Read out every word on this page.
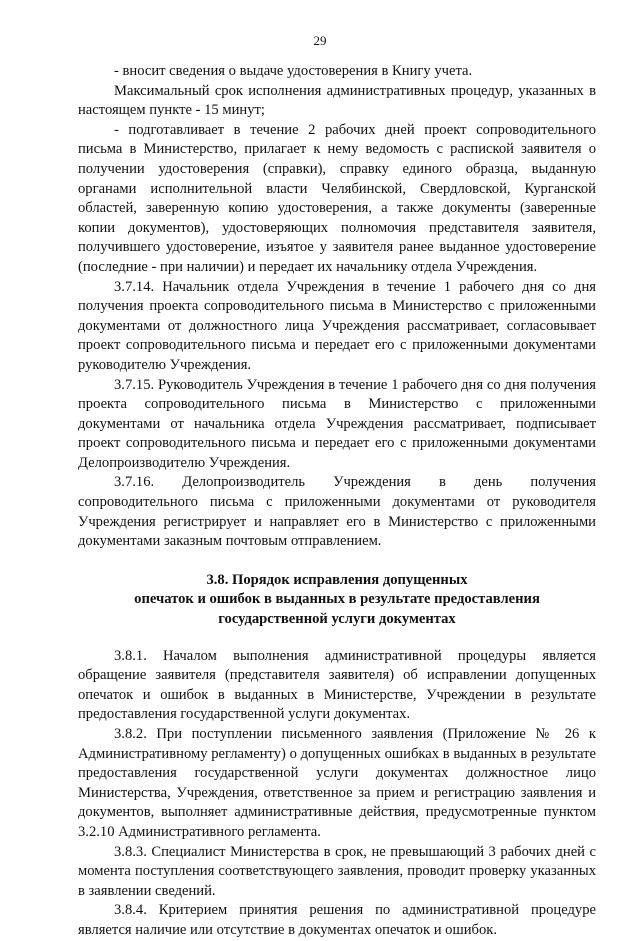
29

- вносит сведения о выдаче удостоверения в Книгу учета.

Максимальный срок исполнения административных процедур, указанных в настоящем пункте - 15 минут;

- подготавливает в течение 2 рабочих дней проект сопроводительного письма в Министерство, прилагает к нему ведомость с распиской заявителя о получении удостоверения (справки), справку единого образца, выданную органами исполнительной власти Челябинской, Свердловской, Курганской областей, заверенную копию удостоверения, а также документы (заверенные копии документов), удостоверяющих полномочия представителя заявителя, получившего удостоверение, изъятое у заявителя ранее выданное удостоверение (последние - при наличии) и передает их начальнику отдела Учреждения.

3.7.14. Начальник отдела Учреждения в течение 1 рабочего дня со дня получения проекта сопроводительного письма в Министерство с приложенными документами от должностного лица Учреждения рассматривает, согласовывает проект сопроводительного письма и передает его с приложенными документами руководителю Учреждения.

3.7.15. Руководитель Учреждения в течение 1 рабочего дня со дня получения проекта сопроводительного письма в Министерство с приложенными документами от начальника отдела Учреждения рассматривает, подписывает проект сопроводительного письма и передает его с приложенными документами Делопроизводителю Учреждения.

3.7.16. Делопроизводитель Учреждения в день получения сопроводительного письма с приложенными документами от руководителя Учреждения регистрирует и направляет его в Министерство с приложенными документами заказным почтовым отправлением.

3.8. Порядок исправления допущенных
опечаток и ошибок в выданных в результате предоставления
государственной услуги документах

3.8.1. Началом выполнения административной процедуры является обращение заявителя (представителя заявителя) об исправлении допущенных опечаток и ошибок в выданных в Министерстве, Учреждении в результате предоставления государственной услуги документах.

3.8.2. При поступлении письменного заявления (Приложение № 26 к Административному регламенту) о допущенных ошибках в выданных в результате предоставления государственной услуги документах должностное лицо Министерства, Учреждения, ответственное за прием и регистрацию заявления и документов, выполняет административные действия, предусмотренные пунктом 3.2.10 Административного регламента.

3.8.3. Специалист Министерства в срок, не превышающий 3 рабочих дней с момента поступления соответствующего заявления, проводит проверку указанных в заявлении сведений.

3.8.4. Критерием принятия решения по административной процедуре является наличие или отсутствие в документах опечаток и ошибок.
